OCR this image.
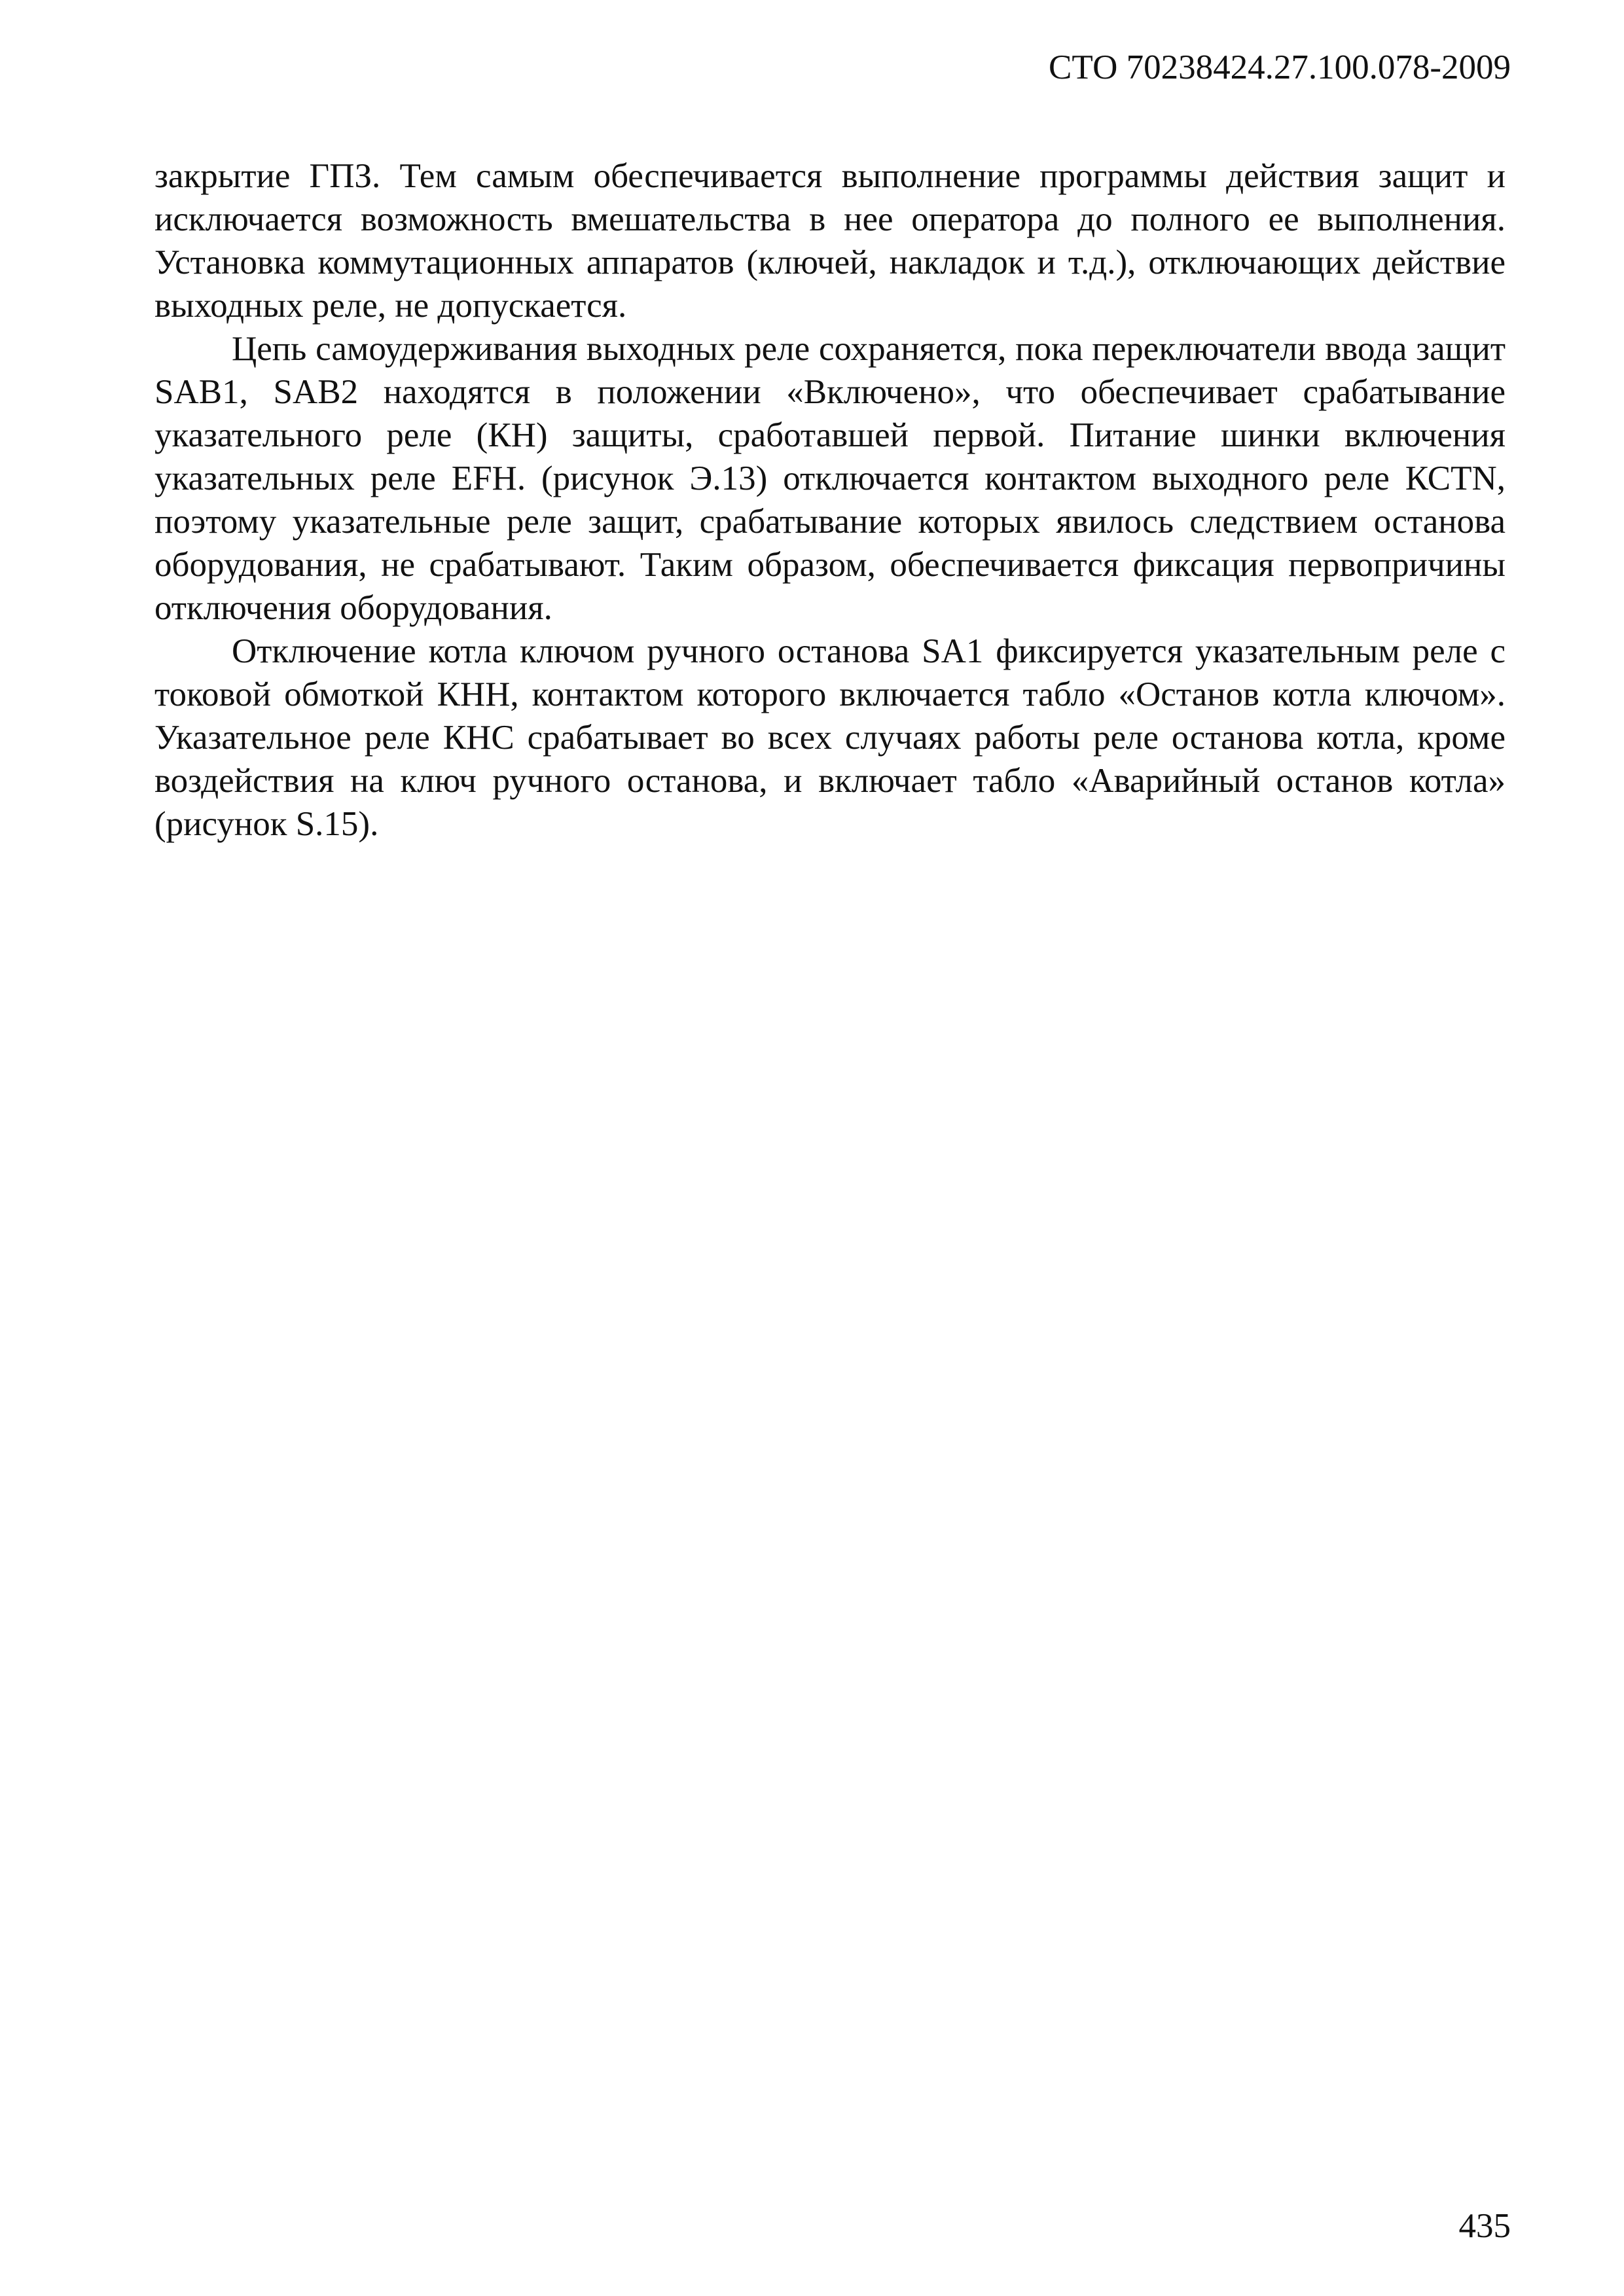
СТО 70238424.27.100.078-2009

закрытие ГПЗ. Тем самым обеспечивается выполнение программы действия защит и исключается возможность вмешательства в нее оператора до полного ее выполнения. Установка коммутационных аппаратов (ключей, накладок и т.д.), отключающих действие выходных реле, не допускается.

Цепь самоудерживания выходных реле сохраняется, пока переключатели ввода защит SAB1, SAB2 находятся в положении «Включено», что обеспечивает срабатывание указательного реле (КН) защиты, сработавшей первой. Питание шинки включения указательных реле EFH. (рисунок Э.13) отключается контактом выходного реле КСТN, поэтому указательные реле защит, срабатывание которых явилось следствием останова оборудования, не срабатывают. Таким образом, обеспечивается фиксация первопричины отключения оборудования.

Отключение котла ключом ручного останова SA1 фиксируется указательным реле с токовой обмоткой КНН, контактом которого включается табло «Останов котла ключом». Указательное реле КНС срабатывает во всех случаях работы реле останова котла, кроме воздействия на ключ ручного останова, и включает табло «Аварийный останов котла» (рисунок S.15).

435
